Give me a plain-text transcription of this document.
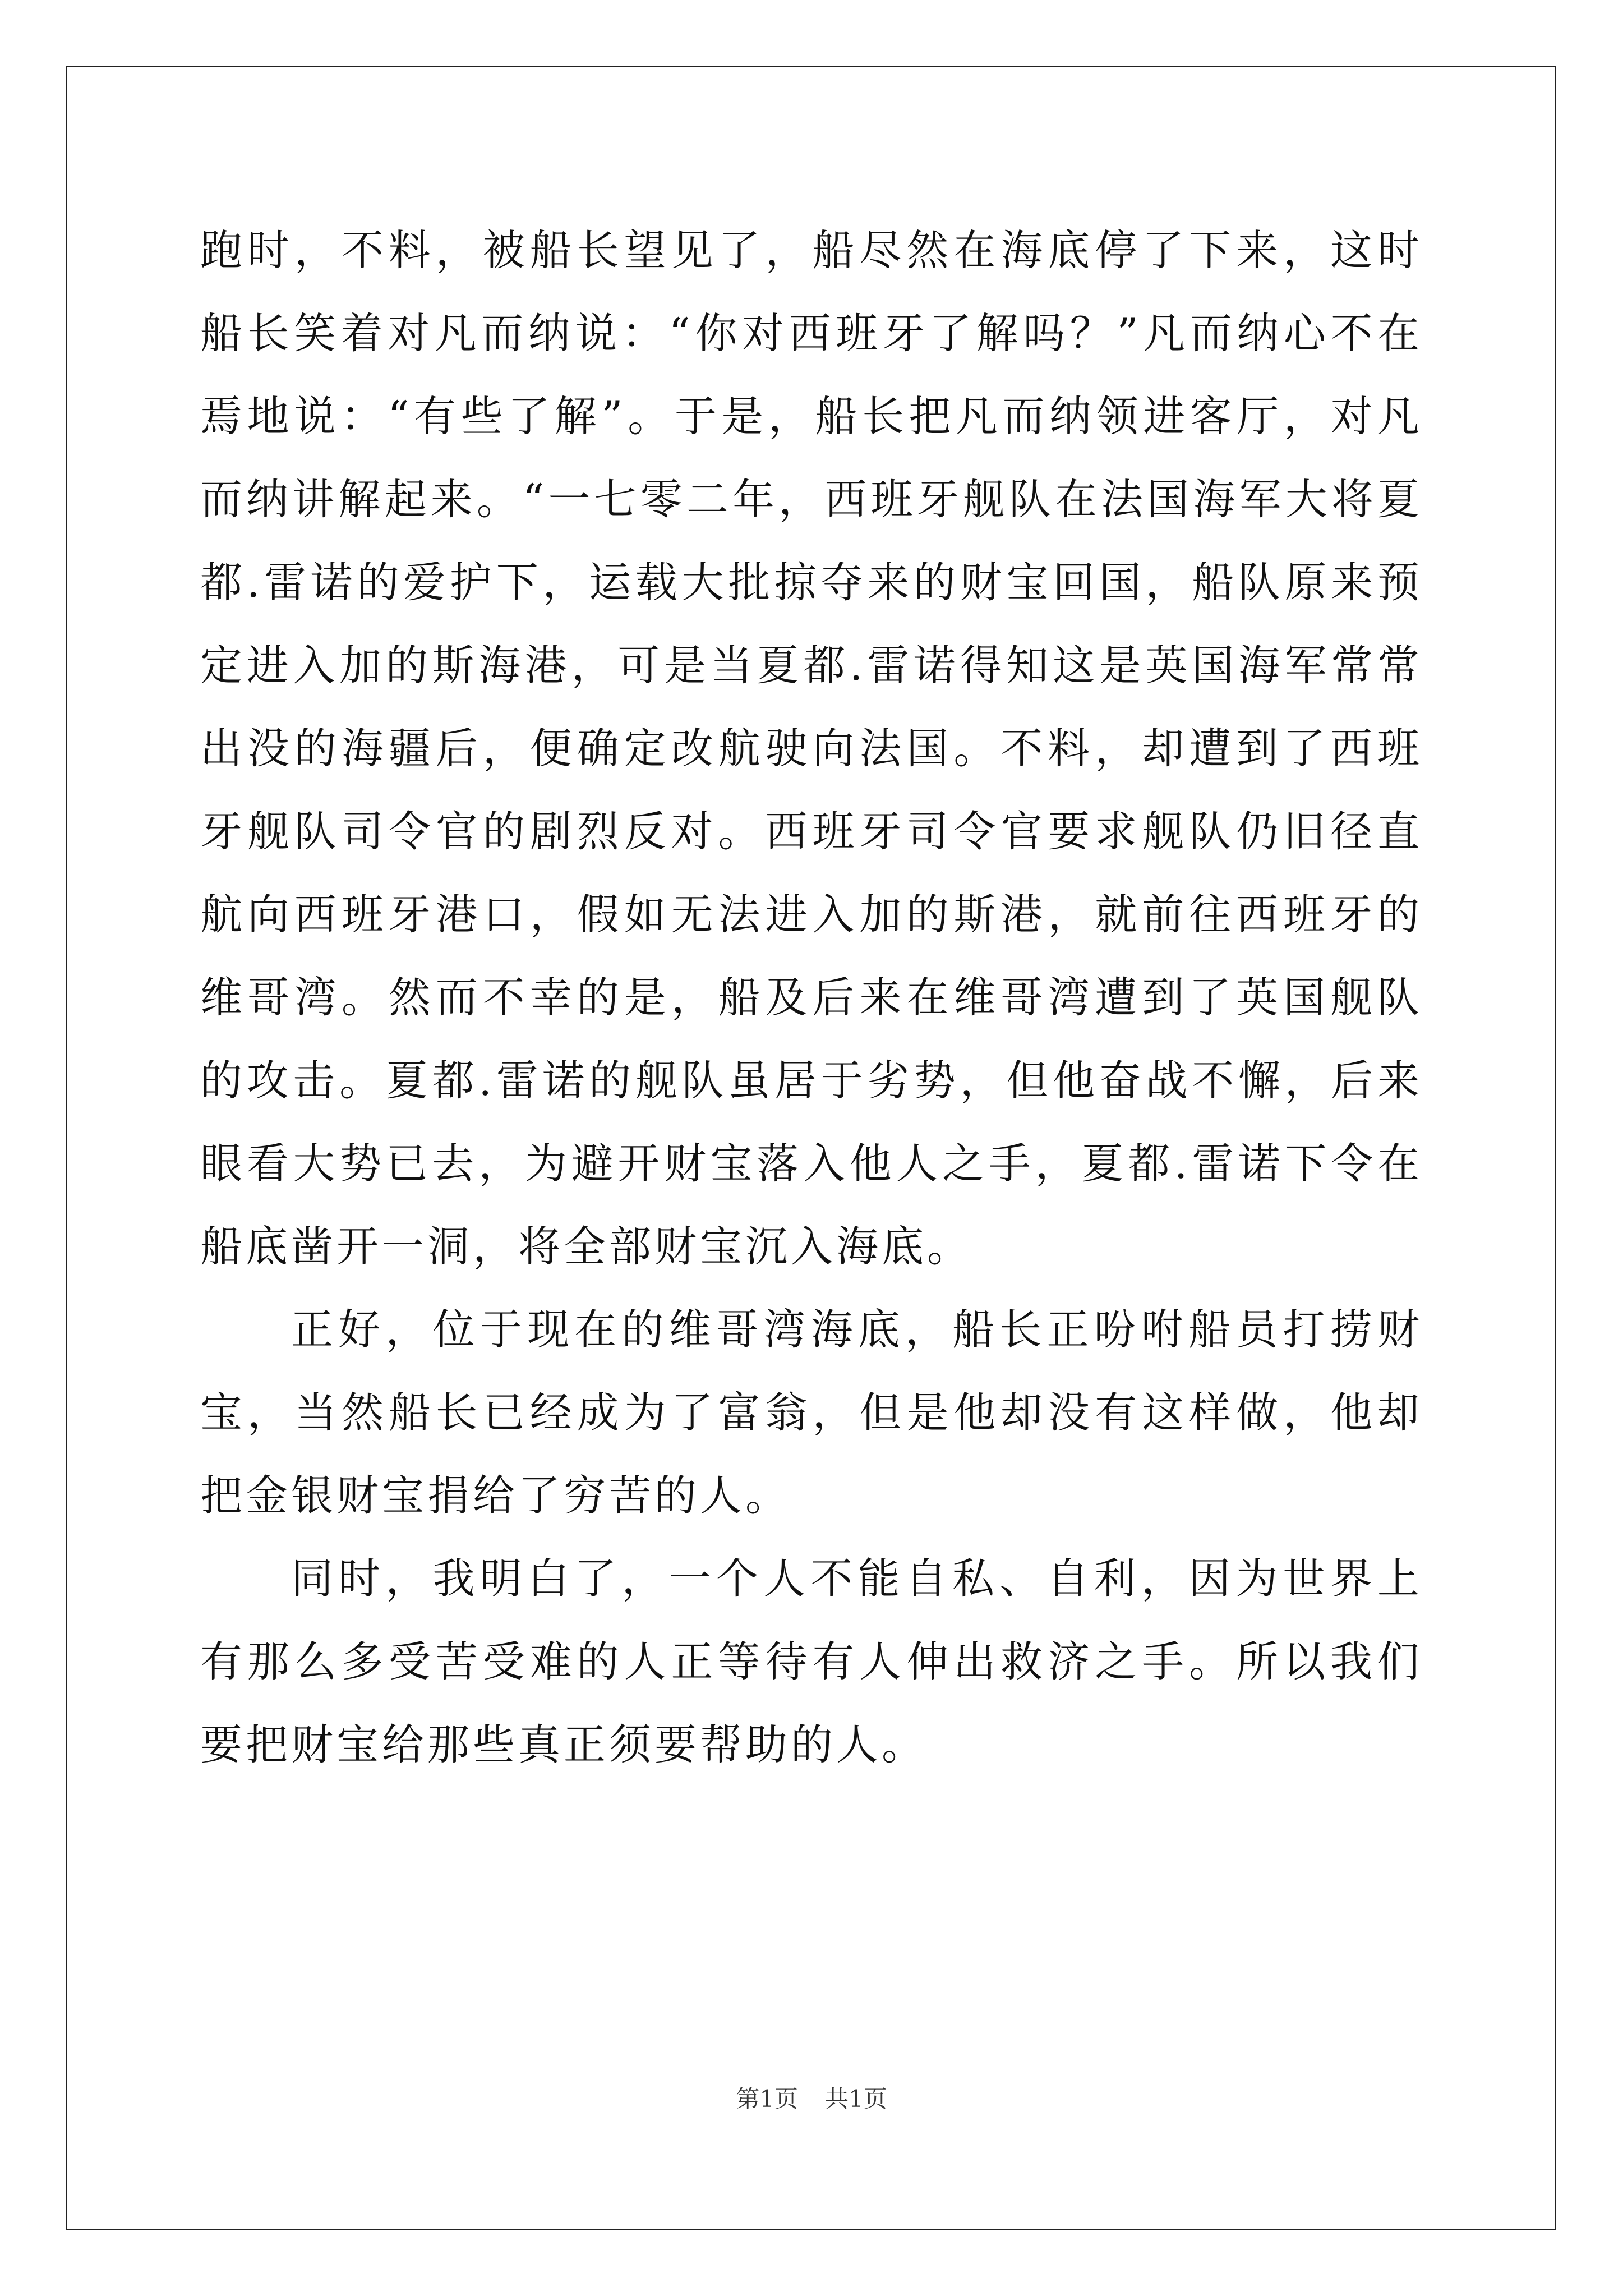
跑时，不料，被船长望见了，船尽然在海底停了下来，这时船长笑着对凡而纳说：“你对西班牙了解吗？”凡而纳心不在焉地说：“有些了解”。于是，船长把凡而纳领进客厅，对凡而纳讲解起来。“一七零二年，西班牙舰队在法国海军大将夏都.雷诺的爱护下，运载大批掠夺来的财宝回国，船队原来预定进入加的斯海港，可是当夏都.雷诺得知这是英国海军常常出没的海疆后，便确定改航驶向法国。不料，却遭到了西班牙舰队司令官的剧烈反对。西班牙司令官要求舰队仍旧径直航向西班牙港口，假如无法进入加的斯港，就前往西班牙的维哥湾。然而不幸的是，船及后来在维哥湾遭到了英国舰队的攻击。夏都.雷诺的舰队虽居于劣势，但他奋战不懈，后来眼看大势已去，为避开财宝落入他人之手，夏都.雷诺下令在船底凿开一洞，将全部财宝沉入海底。

正好，位于现在的维哥湾海底，船长正吩咐船员打捞财宝，当然船长已经成为了富翁，但是他却没有这样做，他却把金银财宝捐给了穷苦的人。

同时，我明白了，一个人不能自私、自利，因为世界上有那么多受苦受难的人正等待有人伸出救济之手。所以我们要把财宝给那些真正须要帮助的人。

第1页 共1页
